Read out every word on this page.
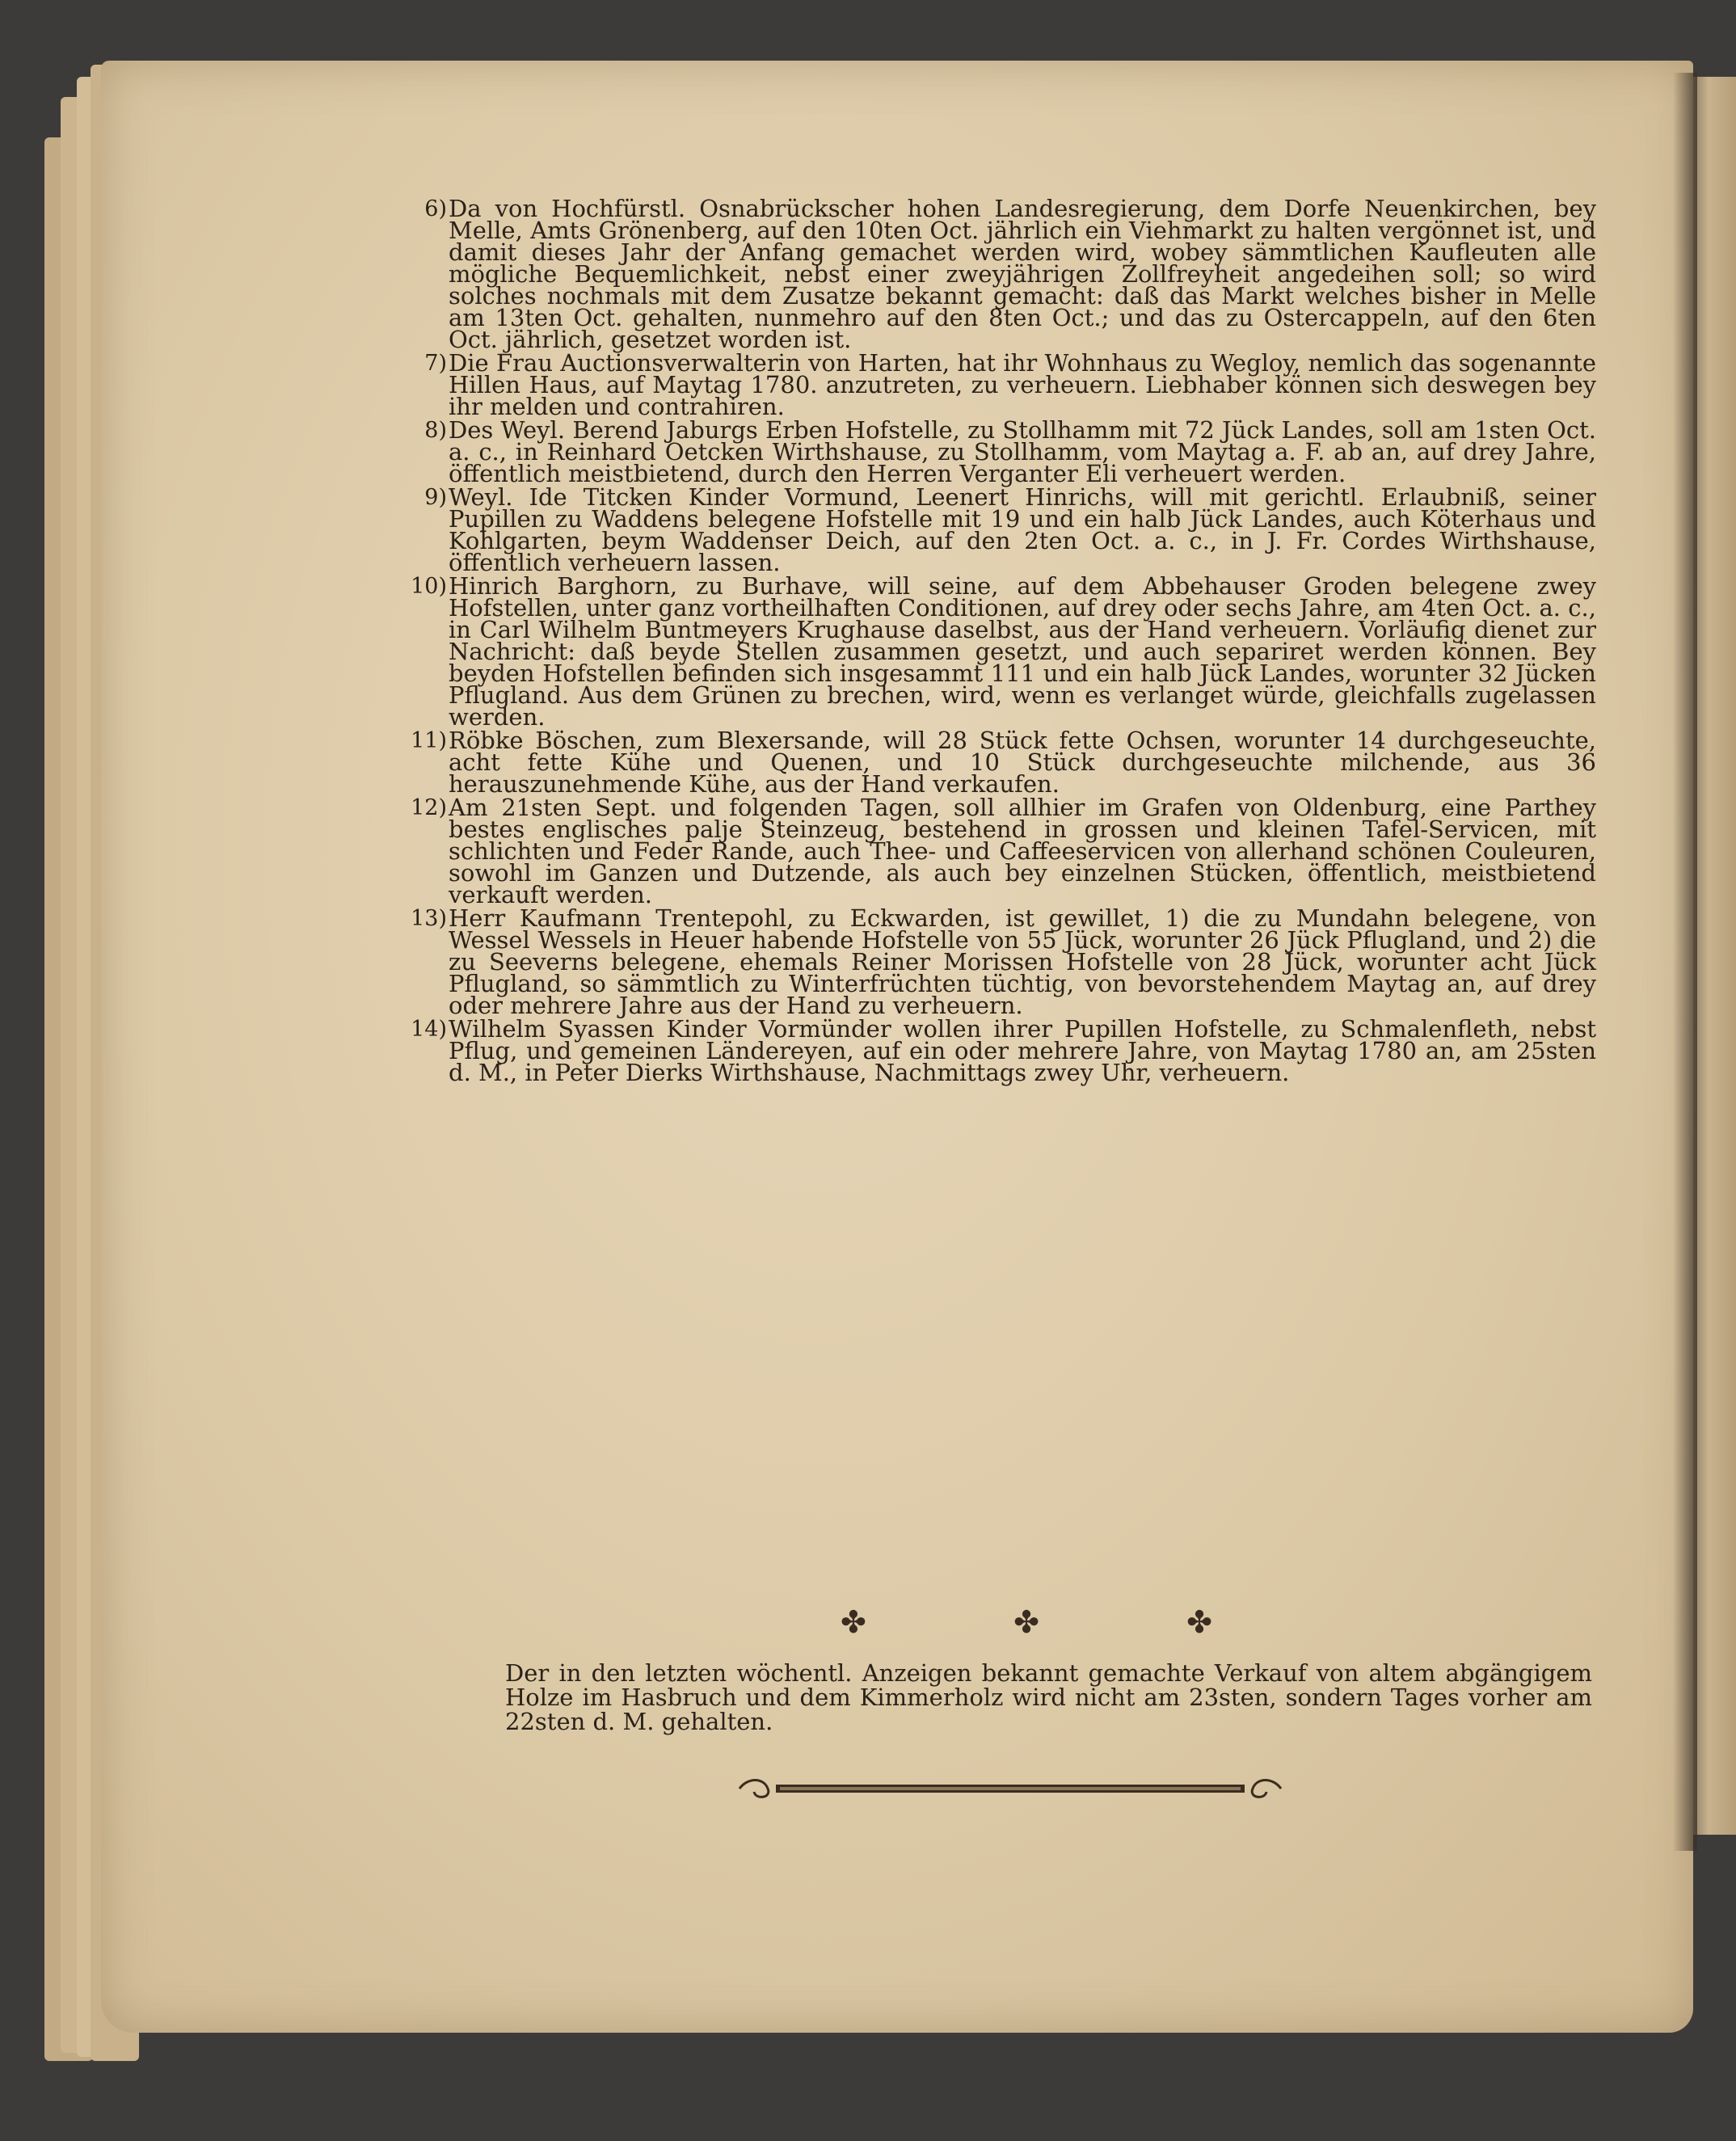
6) Da von Hochfürstl. Osnabrückscher hohen Landesregierung, dem Dorfe Neuenkirchen, bey Melle, Amts Grönenberg, auf den 10ten Oct. jährlich ein Viehmarkt zu halten vergönnet ist, und damit dieses Jahr der Anfang gemachet werden wird, wobey sämmtlichen Kaufleuten alle mögliche Bequemlichkeit, nebst einer zweyjährigen Zollfreyheit angedeihen soll; so wird solches nochmals mit dem Zusatze bekannt gemacht: daß das Markt welches bisher in Melle am 13ten Oct. gehalten, nunmehro auf den 8ten Oct.; und das zu Ostercappeln, auf den 6ten Oct. jährlich, gesetzet worden ist.

7) Die Frau Auctionsverwalterin von Harten, hat ihr Wohnhaus zu Wegloy, nemlich das sogenannte Hillen Haus, auf Maytag 1780. anzutreten, zu verheuern. Liebhaber können sich deswegen bey ihr melden und contrahiren.

8) Des Weyl. Berend Jaburgs Erben Hofstelle, zu Stollhamm mit 72 Jück Landes, soll am 1sten Oct. a. c., in Reinhard Oetcken Wirthshause, zu Stollhamm, vom Maytag a. F. ab an, auf drey Jahre, öffentlich meistbietend, durch den Herren Verganter Eli verheuert werden.

9) Weyl. Ide Titcken Kinder Vormund, Leenert Hinrichs, will mit gerichtl. Erlaubniß, seiner Pupillen zu Waddens belegene Hofstelle mit 19 und ein halb Jück Landes, auch Köterhaus und Kohlgarten, beym Waddenser Deich, auf den 2ten Oct. a. c., in J. Fr. Cordes Wirthshause, öffentlich verheuern lassen.

10) Hinrich Barghorn, zu Burhave, will seine, auf dem Abbehauser Groden belegene zwey Hofstellen, unter ganz vortheilhaften Conditionen, auf drey oder sechs Jahre, am 4ten Oct. a. c., in Carl Wilhelm Buntmeyers Krughause daselbst, aus der Hand verheuern. Vorläufig dienet zur Nachricht: daß beyde Stellen zusammen gesetzt, und auch separiret werden können. Bey beyden Hofstellen befinden sich insgesammt 111 und ein halb Jück Landes, worunter 32 Jücken Pflugland. Aus dem Grünen zu brechen, wird, wenn es verlanget würde, gleichfalls zugelassen werden.

11) Röbke Böschen, zum Blexersande, will 28 Stück fette Ochsen, worunter 14 durchgeseuchte, acht fette Kühe und Quenen, und 10 Stück durchgeseuchte milchende, aus 36 herauszunehmende Kühe, aus der Hand verkaufen.

12) Am 21sten Sept. und folgenden Tagen, soll allhier im Grafen von Oldenburg, eine Parthey bestes englisches palje Steinzeug, bestehend in grossen und kleinen Tafel-Servicen, mit schlichten und Feder Rande, auch Thee- und Caffeeservicen von allerhand schönen Couleuren, sowohl im Ganzen und Dutzende, als auch bey einzelnen Stücken, öffentlich, meistbietend verkauft werden.

13) Herr Kaufmann Trentepohl, zu Eckwarden, ist gewillet, 1) die zu Mundahn belegene, von Wessel Wessels in Heuer habende Hofstelle von 55 Jück, worunter 26 Jück Pflugland, und 2) die zu Seeverns belegene, ehemals Reiner Morissen Hofstelle von 28 Jück, worunter acht Jück Pflugland, so sämmtlich zu Winterfrüchten tüchtig, von bevorstehendem Maytag an, auf drey oder mehrere Jahre aus der Hand zu verheuern.

14) Wilhelm Syassen Kinder Vormünder wollen ihrer Pupillen Hofstelle, zu Schmalenfleth, nebst Pflug, und gemeinen Ländereyen, auf ein oder mehrere Jahre, von Maytag 1780 an, am 25sten d. M., in Peter Dierks Wirthshause, Nachmittags zwey Uhr, verheuern.

✤	✤	✤

Der in den letzten wöchentl. Anzeigen bekannt gemachte Verkauf von altem abgängigem Holze im Hasbruch und dem Kimmerholz wird nicht am 23sten, sondern Tages vorher am 22sten d. M. gehalten.
